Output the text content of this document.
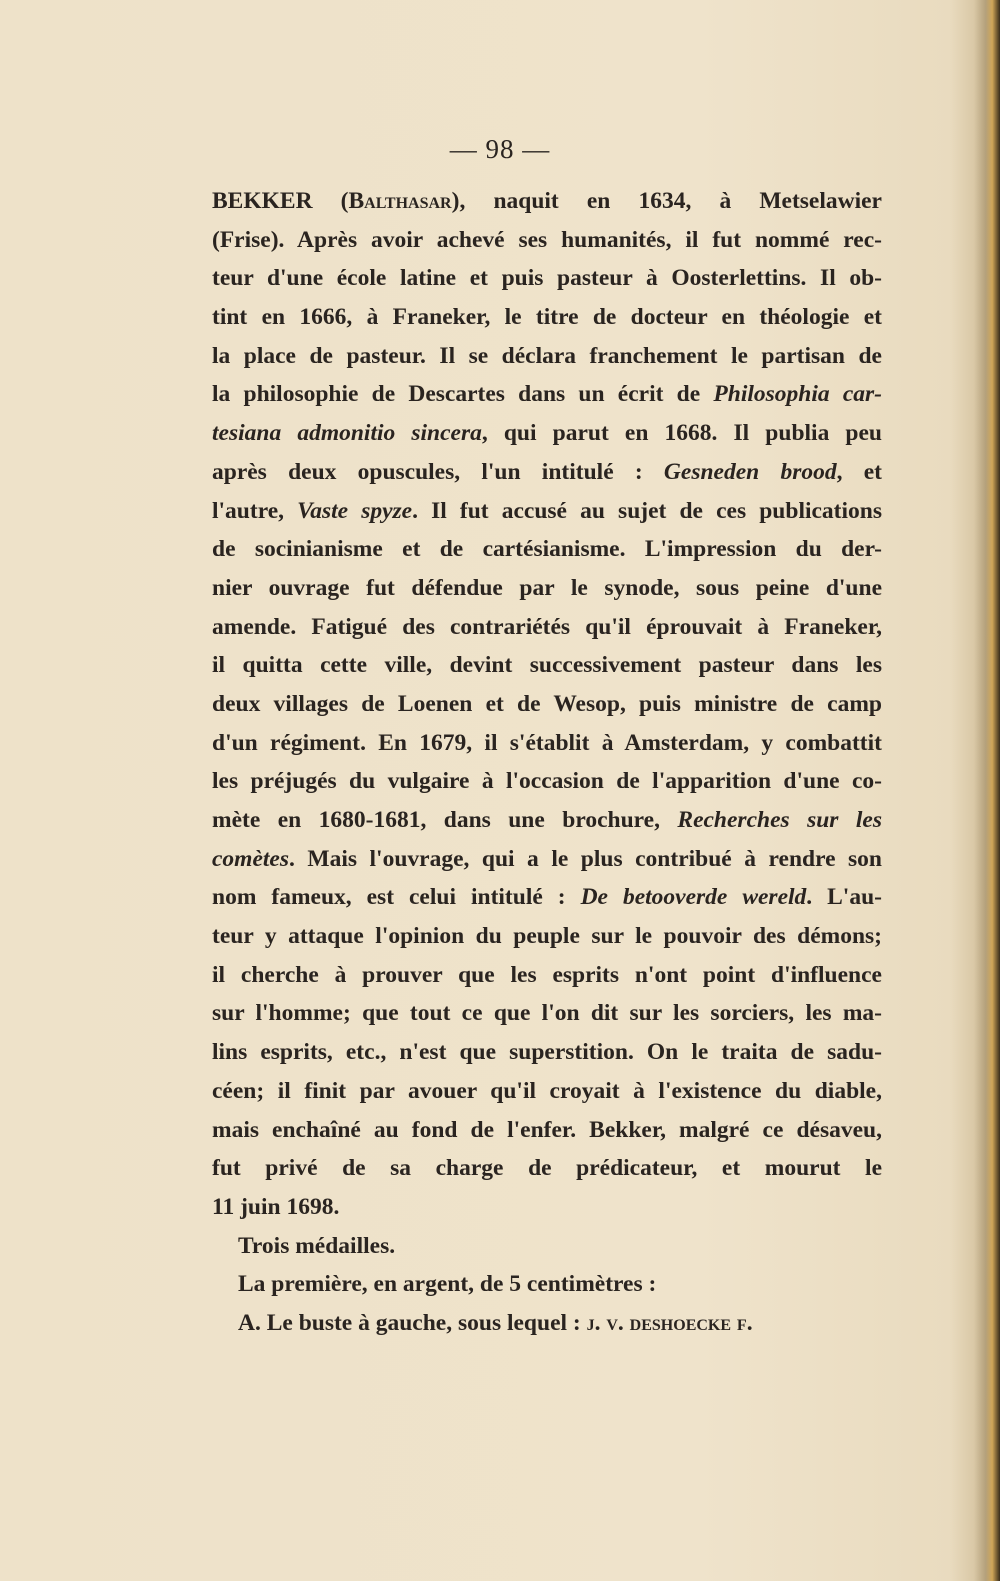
— 98 —
BEKKER (Balthasar), naquit en 1634, à Metselawier
(Frise). Après avoir achevé ses humanités, il fut nommé rec-
teur d'une école latine et puis pasteur à Oosterlettins. Il ob-
tint en 1666, à Franeker, le titre de docteur en théologie et
la place de pasteur. Il se déclara franchement le partisan de
la philosophie de Descartes dans un écrit de Philosophia car-
tesiana admonitio sincera, qui parut en 1668. Il publia peu
après deux opuscules, l'un intitulé : Gesneden brood, et
l'autre, Vaste spyze. Il fut accusé au sujet de ces publications
de socinianisme et de cartésianisme. L'impression du der-
nier ouvrage fut défendue par le synode, sous peine d'une
amende. Fatigué des contrariétés qu'il éprouvait à Franeker,
il quitta cette ville, devint successivement pasteur dans les
deux villages de Loenen et de Wesop, puis ministre de camp
d'un régiment. En 1679, il s'établit à Amsterdam, y combattit
les préjugés du vulgaire à l'occasion de l'apparition d'une co-
mète en 1680-1681, dans une brochure, Recherches sur les
comètes. Mais l'ouvrage, qui a le plus contribué à rendre son
nom fameux, est celui intitulé : De betooverde wereld. L'au-
teur y attaque l'opinion du peuple sur le pouvoir des démons;
il cherche à prouver que les esprits n'ont point d'influence
sur l'homme; que tout ce que l'on dit sur les sorciers, les ma-
lins esprits, etc., n'est que superstition. On le traita de sadu-
céen; il finit par avouer qu'il croyait à l'existence du diable,
mais enchaîné au fond de l'enfer. Bekker, malgré ce désaveu,
fut privé de sa charge de prédicateur, et mourut le
11 juin 1698.
Trois médailles.
La première, en argent, de 5 centimètres :
A. Le buste à gauche, sous lequel : j. v. deshoecke f.
